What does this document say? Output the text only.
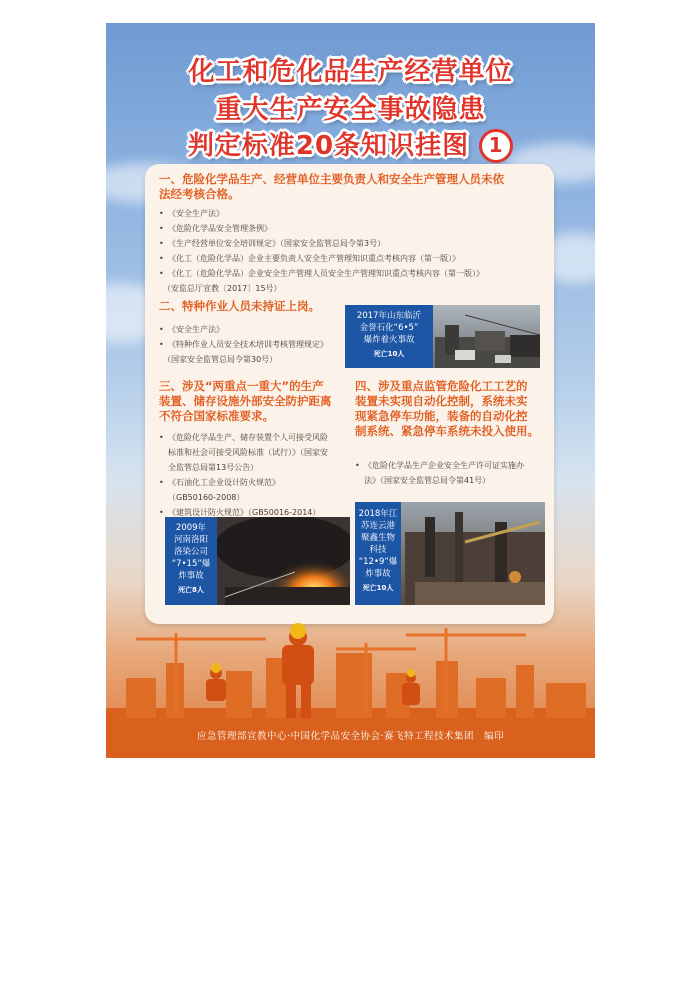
化工和危化品生产经营单位
重大生产安全事故隐患
判定标准20条知识挂图 1
一、危险化学品生产、经营单位主要负责人和安全生产管理人员未依
法经考核合格。
• 《安全生产法》
• 《危险化学品安全管理条例》
• 《生产经营单位安全培训规定》（国家安全监管总局令第3号）
• 《化工（危险化学品）企业主要负责人安全生产管理知识重点考核内容（第一版）》
• 《化工（危险化学品）企业安全生产管理人员安全生产管理知识重点考核内容（第一版）》
（安监总厅宣教〔2017〕15号）
二、特种作业人员未持证上岗。
• 《安全生产法》
• 《特种作业人员安全技术培训考核管理规定》
（国家安全监管总局令第30号）
2017年山东临沂
金誉石化“6•5”
爆炸着火事故
死亡10人
三、涉及“两重点一重大”的生产
装置、储存设施外部安全防护距离
不符合国家标准要求。
• 《危险化学品生产、储存装置个人可接受风险
标准和社会可接受风险标准（试行）》（国家安
全监管总局第13号公告）
• 《石油化工企业设计防火规范》
（GB50160-2008）
• 《建筑设计防火规范》（GB50016-2014）
四、涉及重点监管危险化工工艺的
装置未实现自动化控制，系统未实
现紧急停车功能，装备的自动化控
制系统、紧急停车系统未投入使用。
• 《危险化学品生产企业安全生产许可证实施办
法》（国家安全监管总局令第41号）
2009年
河南洛阳
洛染公司
“7•15”爆
炸事故
死亡8人
2018年江
苏连云港
聚鑫生物
科技
“12•9”爆
炸事故
死亡10人
应急管理部宣教中心·中国化学品安全协会·赛飞特工程技术集团　编印
